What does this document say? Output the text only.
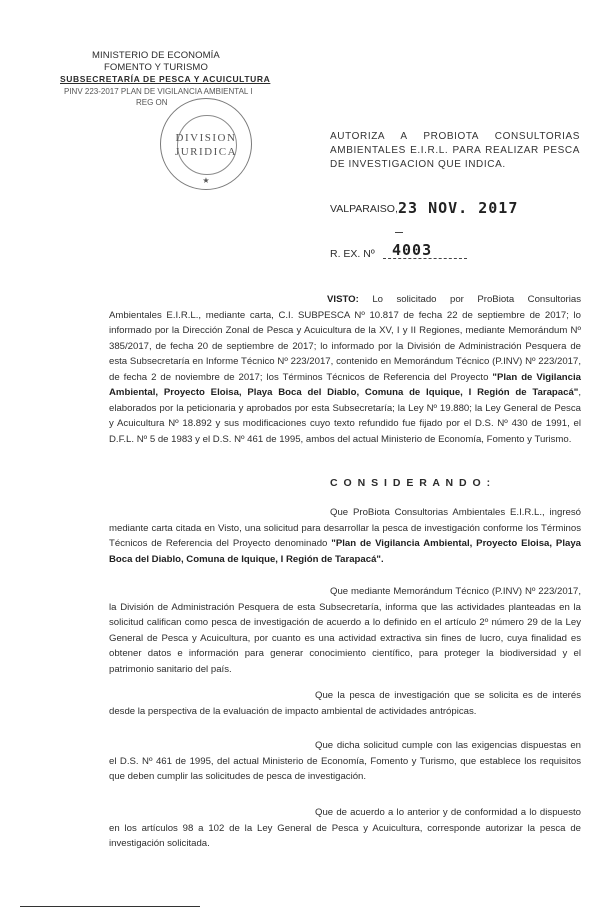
MINISTERIO DE ECONOMÍA
FOMENTO Y TURISMO
SUBSECRETARÍA DE PESCA Y ACUICULTURA
PINV 223-2017 PLAN DE VIGILANCIA AMBIENTAL I
REG ON
★
DIVISION
JURIDICA
AUTORIZA A PROBIOTA CONSULTORIAS AMBIENTALES E.I.R.L. PARA REALIZAR PESCA DE INVESTIGACION QUE INDICA.
VALPARAISO, 23 NOV. 2017
R. EX. Nº 4003
VISTO: Lo solicitado por ProBiota Consultorias Ambientales E.I.R.L., mediante carta, C.I. SUBPESCA Nº 10.817 de fecha 22 de septiembre de 2017; lo informado por la Dirección Zonal de Pesca y Acuicultura de la XV, I y II Regiones, mediante Memorándum Nº 385/2017, de fecha 20 de septiembre de 2017; lo informado por la División de Administración Pesquera de esta Subsecretaría en Informe Técnico Nº 223/2017, contenido en Memorándum Técnico (P.INV) Nº 223/2017, de fecha 2 de noviembre de 2017; los Términos Técnicos de Referencia del Proyecto "Plan de Vigilancia Ambiental, Proyecto Eloisa, Playa Boca del Diablo, Comuna de Iquique, I Región de Tarapacá", elaborados por la peticionaria y aprobados por esta Subsecretaría; la Ley Nº 19.880; la Ley General de Pesca y Acuicultura Nº 18.892 y sus modificaciones cuyo texto refundido fue fijado por el D.S. Nº 430 de 1991, el D.F.L. Nº 5 de 1983 y el D.S. Nº 461 de 1995, ambos del actual Ministerio de Economía, Fomento y Turismo.
C O N S I D E R A N D O :
Que ProBiota Consultorias Ambientales E.I.R.L., ingresó mediante carta citada en Visto, una solicitud para desarrollar la pesca de investigación conforme los Términos Técnicos de Referencia del Proyecto denominado "Plan de Vigilancia Ambiental, Proyecto Eloisa, Playa Boca del Diablo, Comuna de Iquique, I Región de Tarapacá".
Que mediante Memorándum Técnico (P.INV) Nº 223/2017, la División de Administración Pesquera de esta Subsecretaría, informa que las actividades planteadas en la solicitud califican como pesca de investigación de acuerdo a lo definido en el artículo 2º número 29 de la Ley General de Pesca y Acuicultura, por cuanto es una actividad extractiva sin fines de lucro, cuya finalidad es obtener datos e información para generar conocimiento científico, para proteger la biodiversidad y el patrimonio sanitario del país.
Que la pesca de investigación que se solicita es de interés desde la perspectiva de la evaluación de impacto ambiental de actividades antrópicas.
Que dicha solicitud cumple con las exigencias dispuestas en el D.S. Nº 461 de 1995, del actual Ministerio de Economía, Fomento y Turismo, que establece los requisitos que deben cumplir las solicitudes de pesca de investigación.
Que de acuerdo a lo anterior y de conformidad a lo dispuesto en los artículos 98 a 102 de la Ley General de Pesca y Acuicultura, corresponde autorizar la pesca de investigación solicitada.
